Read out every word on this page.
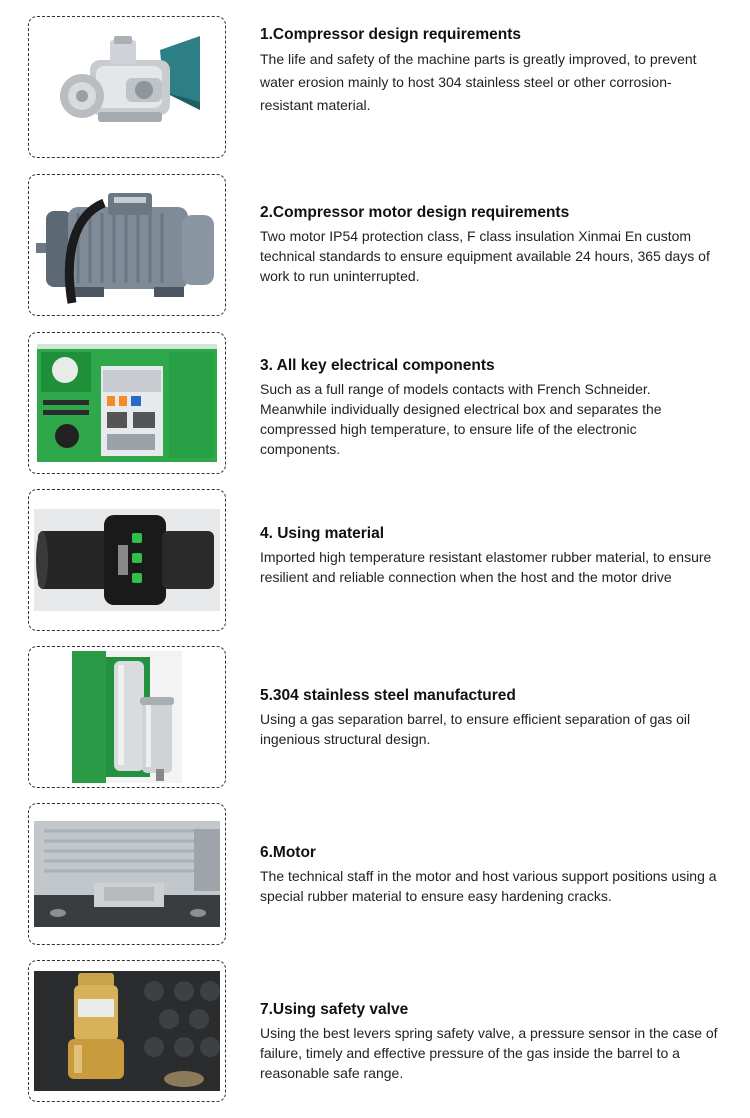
1.Compressor design requirements

The life and safety of the machine parts is greatly improved, to prevent water erosion mainly to host 304 stainless steel or other corrosion-resistant material.

2.Compressor motor design requirements

Two motor IP54 protection class, F class insulation Xinmai En custom technical standards to ensure equipment available 24 hours, 365 days of work to run uninterrupted.

3. All key electrical components

Such as a full range of models contacts with French Schneider. Meanwhile individually designed electrical box and separates the compressed high temperature, to ensure life of the electronic components.

4. Using material

Imported high temperature resistant elastomer rubber material, to ensure resilient and reliable connection when the host and the motor drive

5.304 stainless steel manufactured

Using a gas separation barrel, to ensure efficient separation of gas oil ingenious structural design.

6.Motor

The technical staff in the motor and host various support positions using a special rubber material to ensure easy hardening cracks.

7.Using safety valve

Using the best levers spring safety valve, a pressure sensor in the case of failure, timely and effective pressure of the gas inside the barrel to a reasonable safe range.
